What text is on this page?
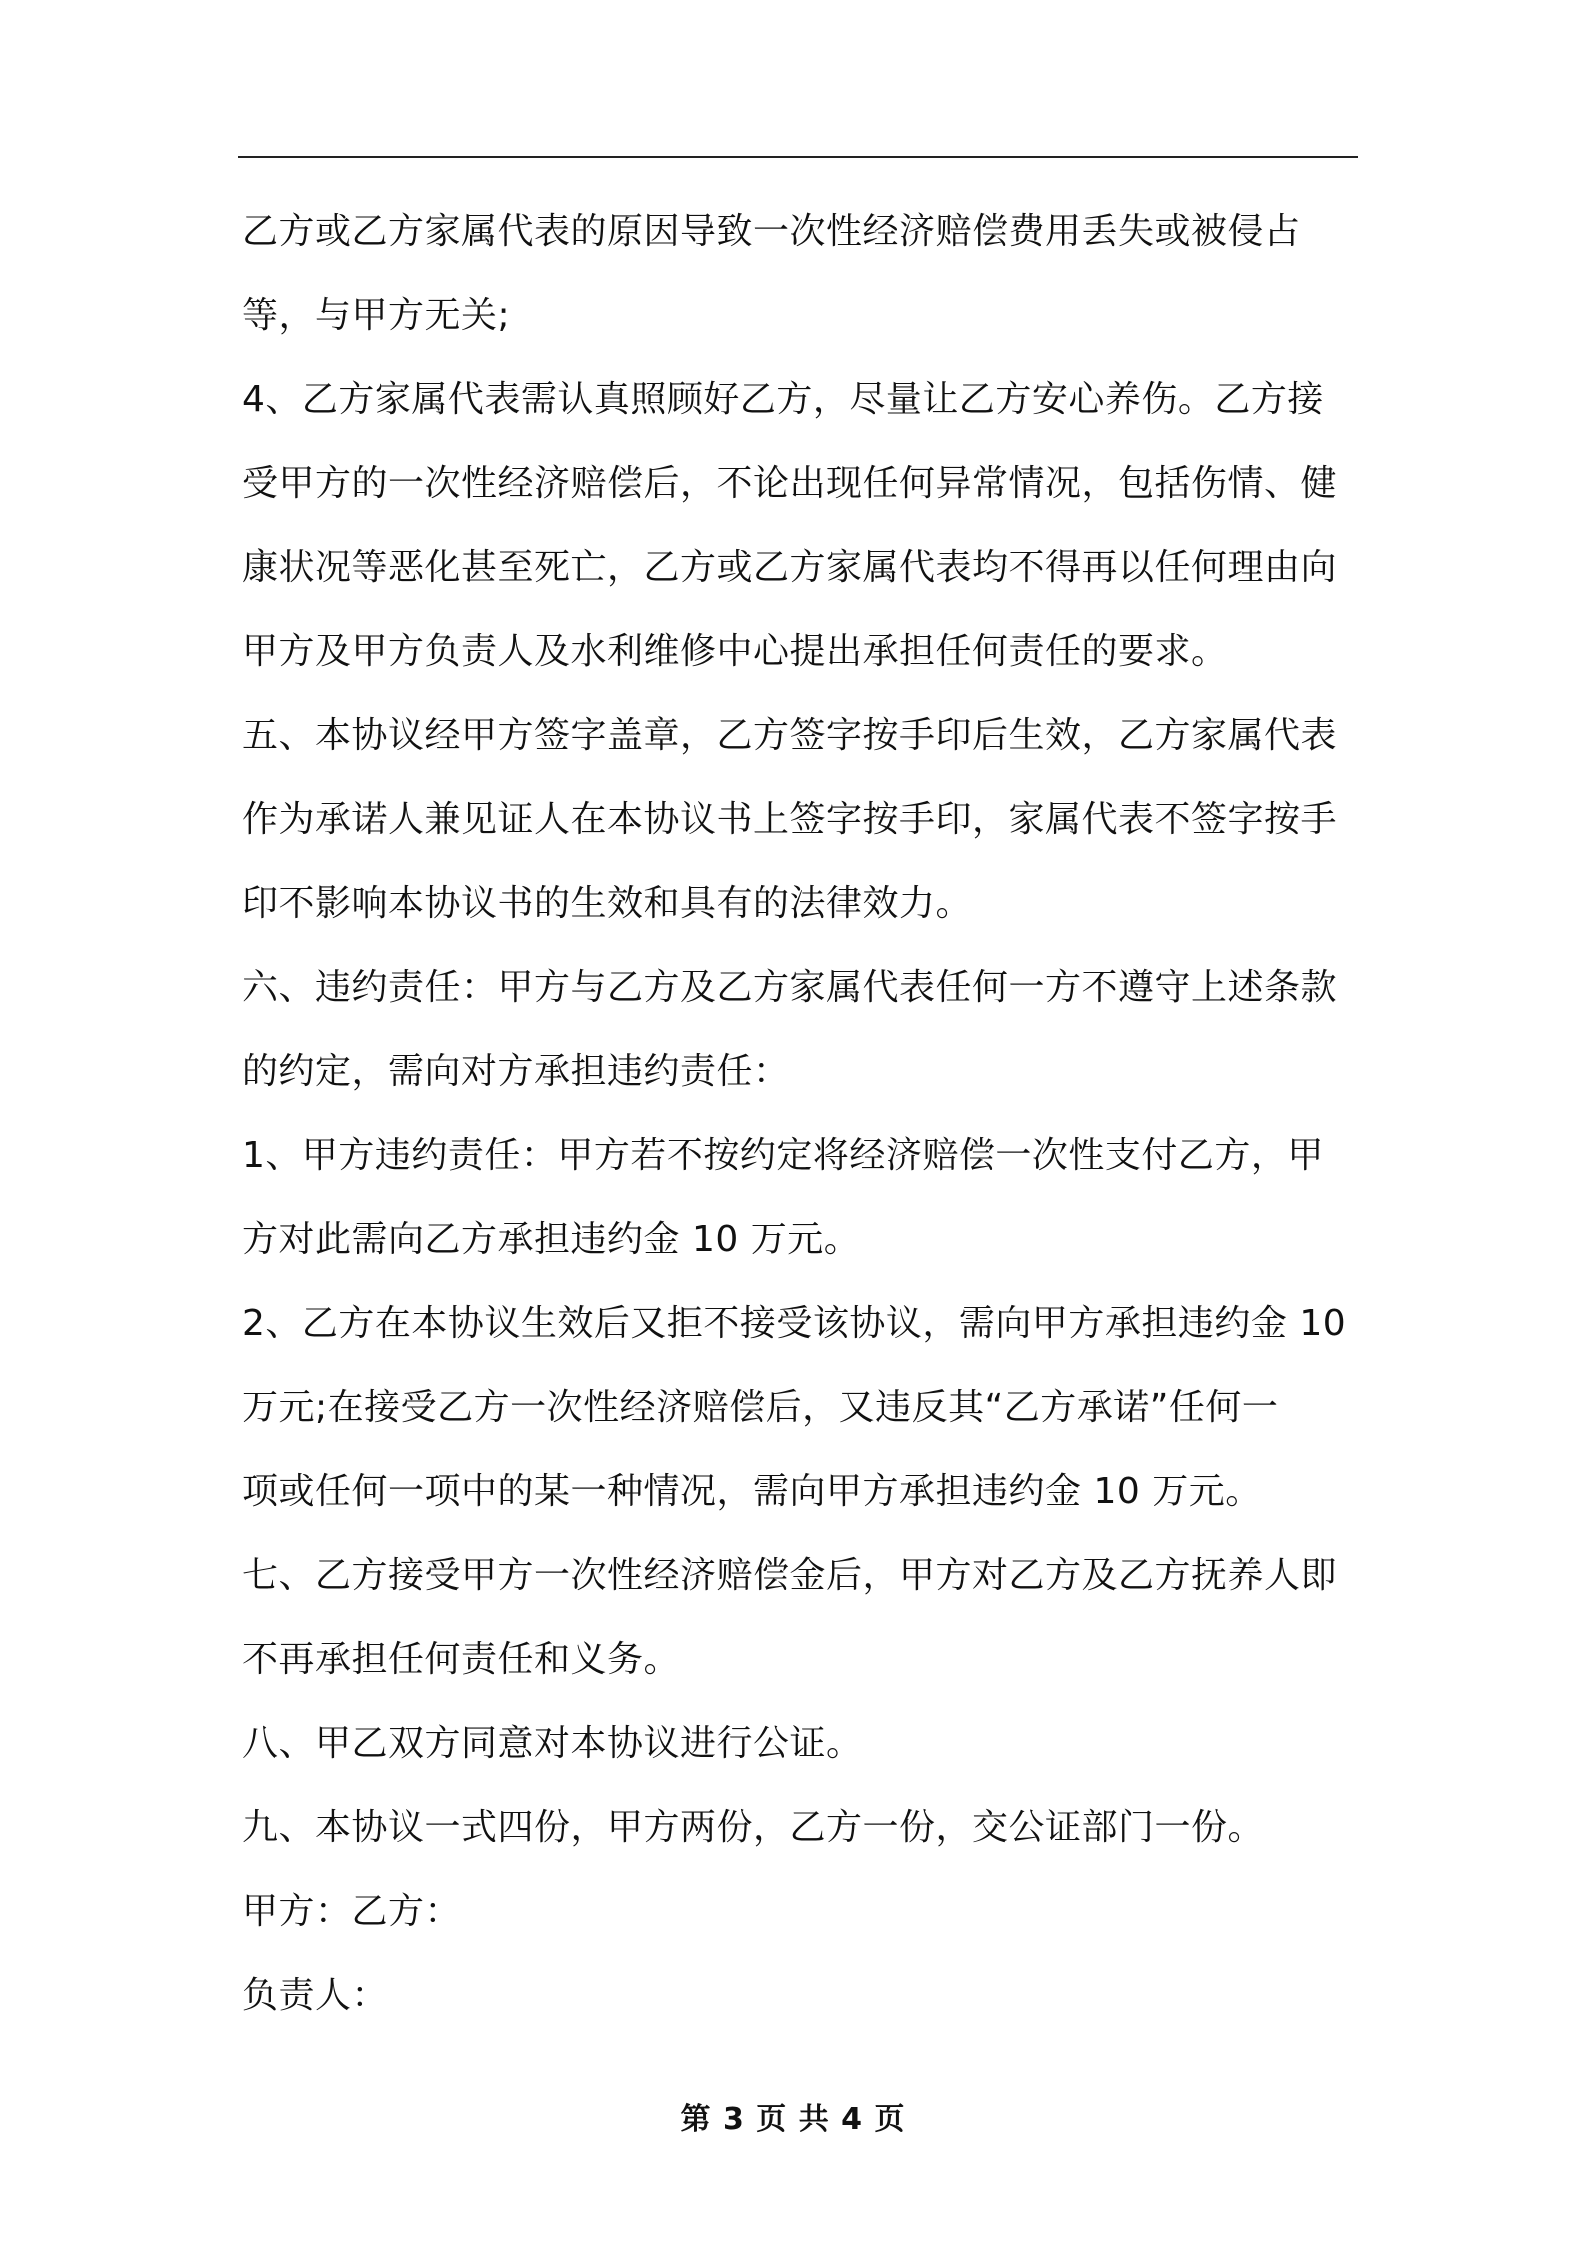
乙方或乙方家属代表的原因导致一次性经济赔偿费用丢失或被侵占
等，与甲方无关;
4、乙方家属代表需认真照顾好乙方，尽量让乙方安心养伤。乙方接
受甲方的一次性经济赔偿后，不论出现任何异常情况，包括伤情、健
康状况等恶化甚至死亡，乙方或乙方家属代表均不得再以任何理由向
甲方及甲方负责人及水利维修中心提出承担任何责任的要求。
五、本协议经甲方签字盖章，乙方签字按手印后生效，乙方家属代表
作为承诺人兼见证人在本协议书上签字按手印，家属代表不签字按手
印不影响本协议书的生效和具有的法律效力。
六、违约责任：甲方与乙方及乙方家属代表任何一方不遵守上述条款
的约定，需向对方承担违约责任：
1、甲方违约责任：甲方若不按约定将经济赔偿一次性支付乙方，甲
方对此需向乙方承担违约金 10 万元。
2、乙方在本协议生效后又拒不接受该协议，需向甲方承担违约金 10
万元;在接受乙方一次性经济赔偿后，又违反其“乙方承诺”任何一
项或任何一项中的某一种情况，需向甲方承担违约金 10 万元。
七、乙方接受甲方一次性经济赔偿金后，甲方对乙方及乙方抚养人即
不再承担任何责任和义务。
八、甲乙双方同意对本协议进行公证。
九、本协议一式四份，甲方两份，乙方一份，交公证部门一份。
甲方：乙方：
负责人：
第 3 页 共 4 页
